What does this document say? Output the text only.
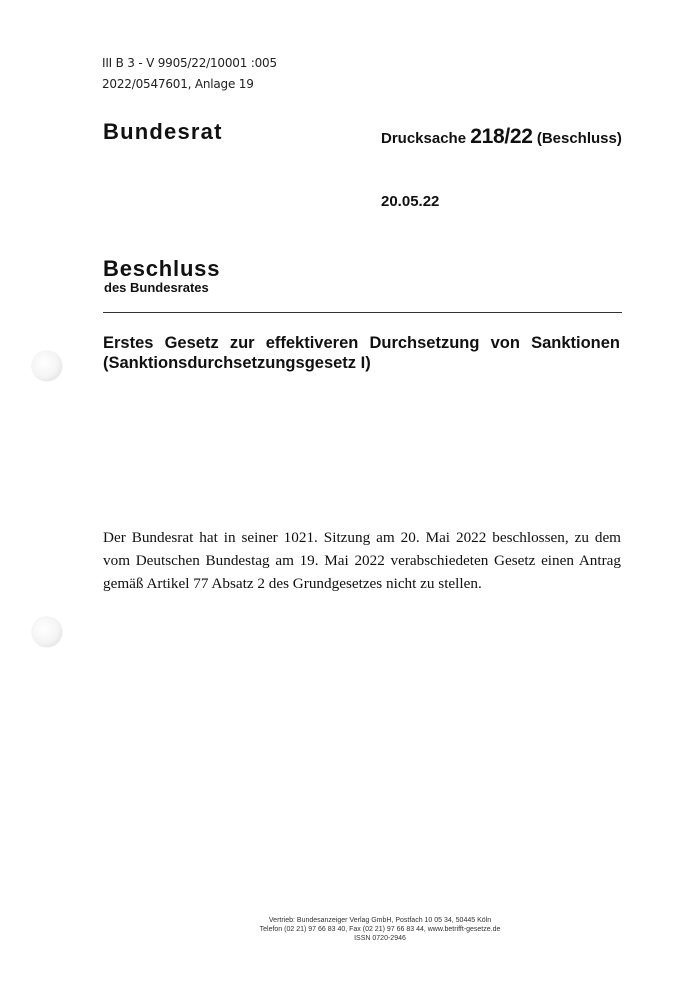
III B 3 - V 9905/22/10001 :005
2022/0547601, Anlage 19
Bundesrat	Drucksache 218/22 (Beschluss)
20.05.22
Beschluss
des Bundesrates
Erstes Gesetz zur effektiveren Durchsetzung von Sanktionen (Sanktionsdurchsetzungsgesetz I)
Der Bundesrat hat in seiner 1021. Sitzung am 20. Mai 2022 beschlossen, zu dem vom Deutschen Bundestag am 19. Mai 2022 verabschiedeten Gesetz einen Antrag gemäß Artikel 77 Absatz 2 des Grundgesetzes nicht zu stellen.
Vertrieb: Bundesanzeiger Verlag GmbH, Postfach 10 05 34, 50445 Köln
Telefon (02 21) 97 66 83 40, Fax (02 21) 97 66 83 44, www.betrifft-gesetze.de
ISSN 0720-2946
